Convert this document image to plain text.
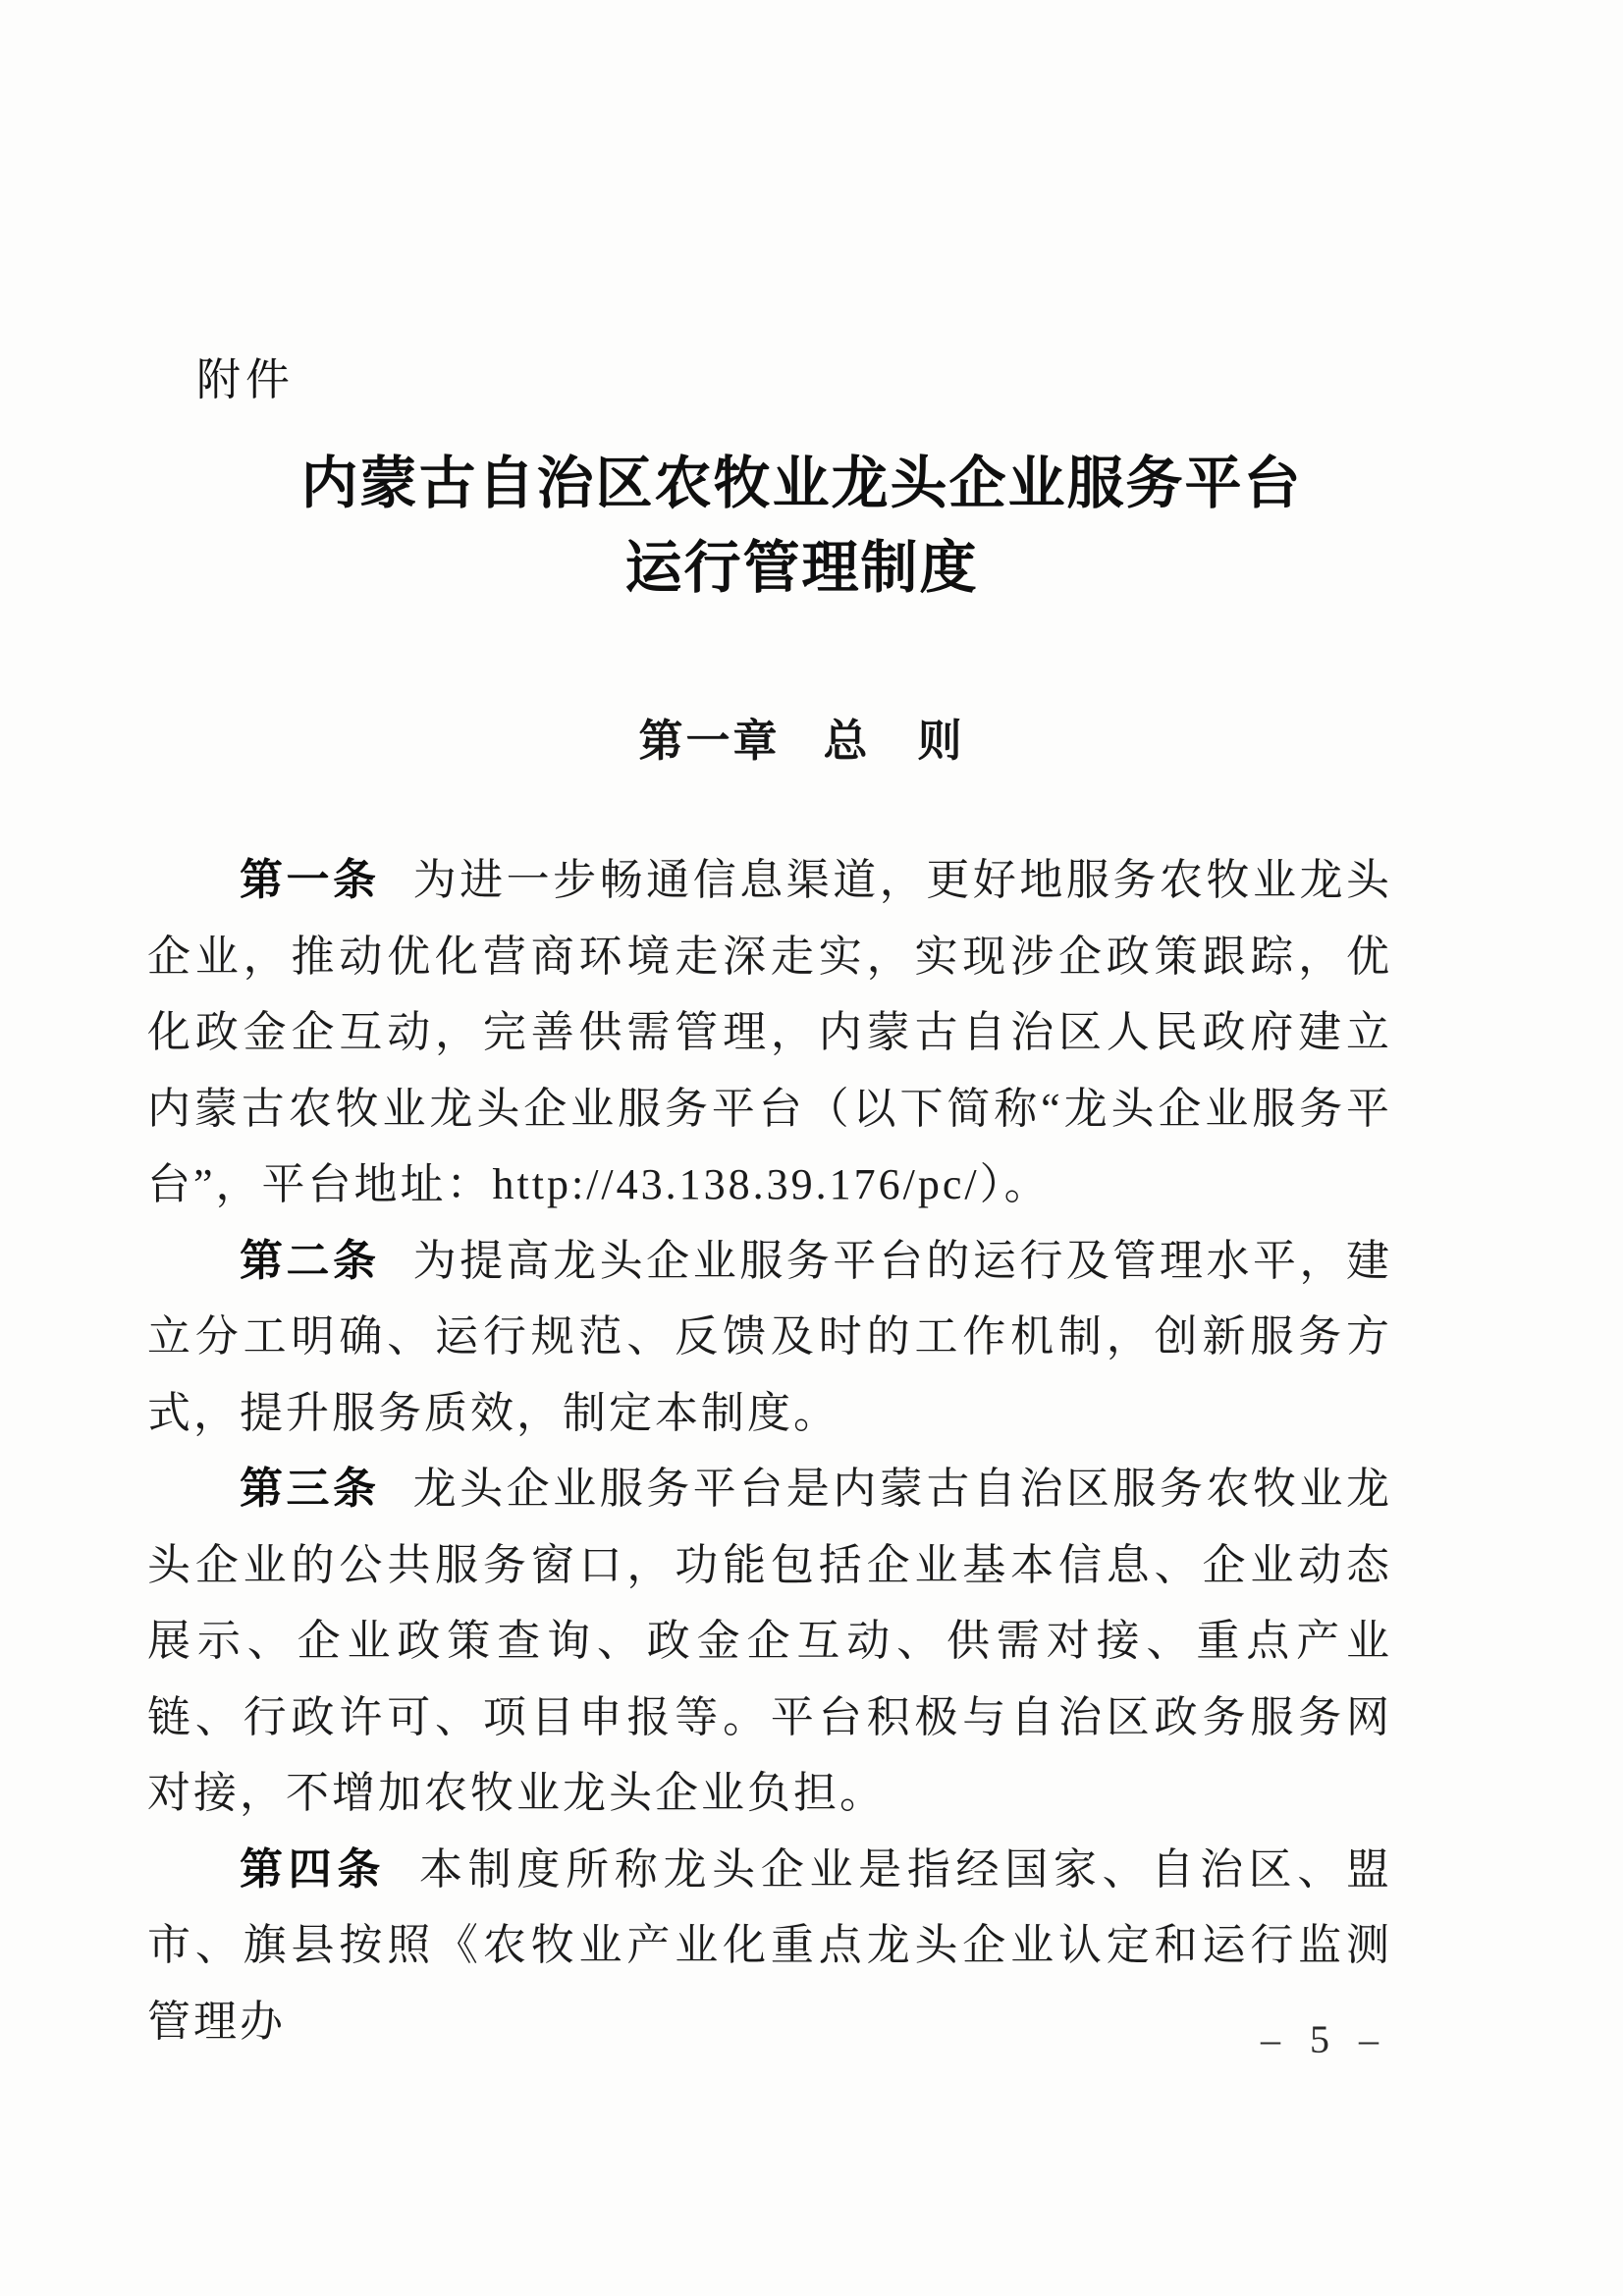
附件
内蒙古自治区农牧业龙头企业服务平台
运行管理制度
第一章 总　则

第一条 为进一步畅通信息渠道，更好地服务农牧业龙头企业，推动优化营商环境走深走实，实现涉企政策跟踪，优化政金企互动，完善供需管理，内蒙古自治区人民政府建立内蒙古农牧业龙头企业服务平台（以下简称“龙头企业服务平台”，平台地址：http://43.138.39.176/pc/）。

第二条 为提高龙头企业服务平台的运行及管理水平，建立分工明确、运行规范、反馈及时的工作机制，创新服务方式，提升服务质效，制定本制度。

第三条 龙头企业服务平台是内蒙古自治区服务农牧业龙头企业的公共服务窗口，功能包括企业基本信息、企业动态展示、企业政策查询、政金企互动、供需对接、重点产业链、行政许可、项目申报等。平台积极与自治区政务服务网对接，不增加农牧业龙头企业负担。

第四条 本制度所称龙头企业是指经国家、自治区、盟市、旗县按照《农牧业产业化重点龙头企业认定和运行监测管理办	– 5 –
